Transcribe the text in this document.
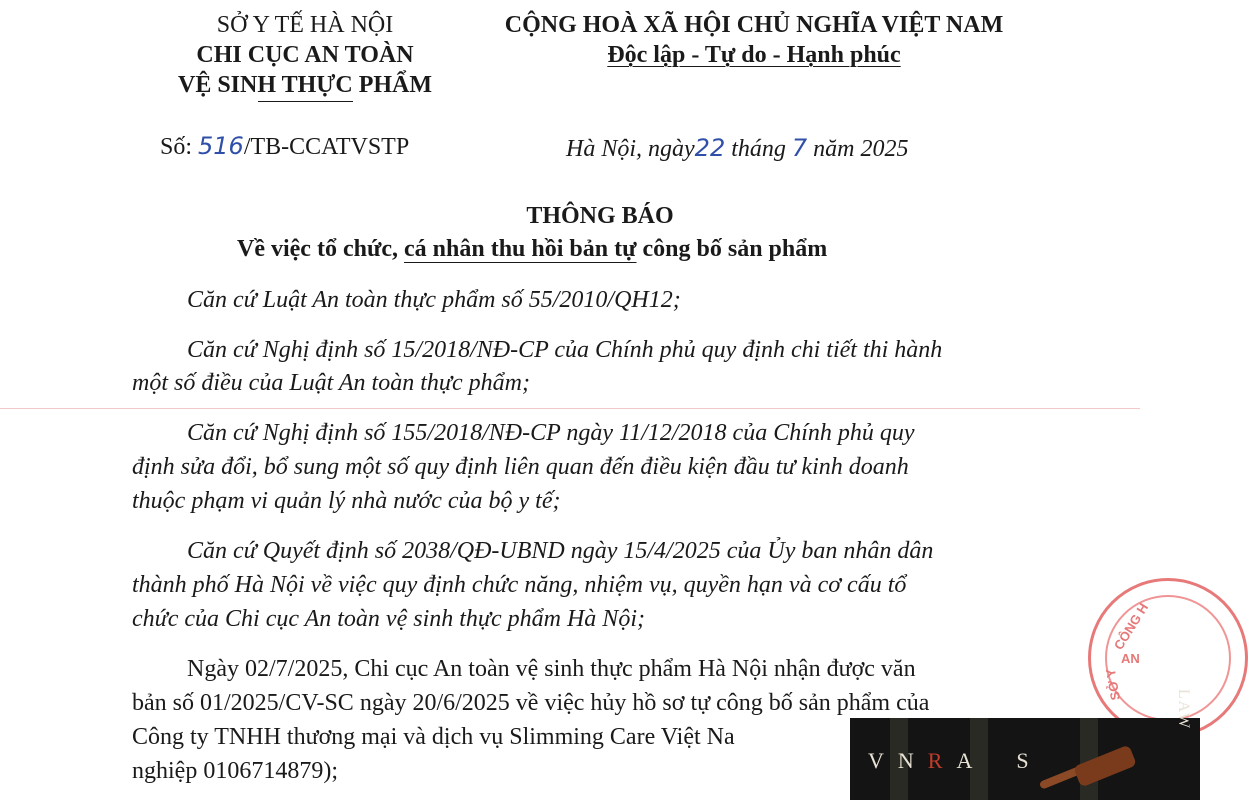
SỞ Y TẾ HÀ NỘI
CHI CỤC AN TOÀN
VỆ SINH THỰC PHẨM
CỘNG HOÀ XÃ HỘI CHỦ NGHĨA VIỆT NAM
Độc lập - Tự do - Hạnh phúc
Số: 516/TB-CCATVSTP	Hà Nội, ngày22 tháng 7 năm 2025
THÔNG BÁO
Về việc tổ chức, cá nhân thu hồi bản tự công bố sản phẩm
Căn cứ Luật An toàn thực phẩm số 55/2010/QH12;
Căn cứ Nghị định số 15/2018/NĐ-CP của Chính phủ quy định chi tiết thi hành
một số điều của Luật An toàn thực phẩm;
Căn cứ Nghị định số 155/2018/NĐ-CP ngày 11/12/2018 của Chính phủ quy
định sửa đổi, bổ sung một số quy định liên quan đến điều kiện đầu tư kinh doanh
thuộc phạm vi quản lý nhà nước của bộ y tế;
Căn cứ Quyết định số 2038/QĐ-UBND ngày 15/4/2025 của Ủy ban nhân dân
thành phố Hà Nội về việc quy định chức năng, nhiệm vụ, quyền hạn và cơ cấu tổ
chức của Chi cục An toàn vệ sinh thực phẩm Hà Nội;
Ngày 02/7/2025, Chi cục An toàn vệ sinh thực phẩm Hà Nội nhận được văn
bản số 01/2025/CV-SC ngày 20/6/2025 về việc hủy hồ sơ tự công bố sản phẩm của
Công ty TNHH thương mại và dịch vụ Slimming Care Việt Na
nghiệp 0106714879);
CÔNG H
AN
SỞ Y
VNRA S
LAW
